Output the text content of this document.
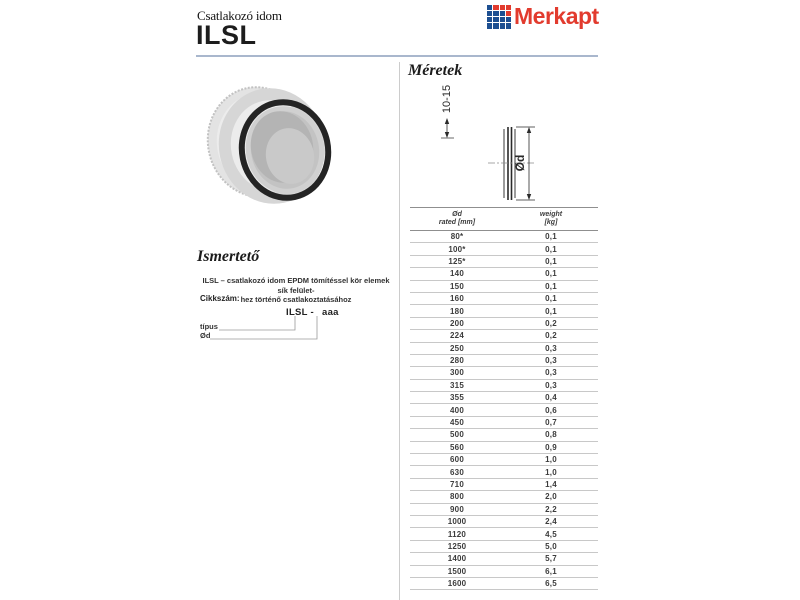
Csatlakozó idom
ILSL
Merkapt
Ismertető
ILSL – csatlakozó idom EPDM tömítéssel kör elemek sík felület-
hez történő csatlakoztatásához
Cikkszám:
ILSL - aaa
típus
Ød
Méretek
10-15
Ød
Ød
rated [mm]

weight
[kg]

80*	0,1
100*	0,1
125*	0,1
140	0,1
150	0,1
160	0,1
180	0,1
200	0,2
224	0,2
250	0,3
280	0,3
300	0,3
315	0,3
355	0,4
400	0,6
450	0,7
500	0,8
560	0,9
600	1,0
630	1,0
710	1,4
800	2,0
900	2,2
1000	2,4
1120	4,5
1250	5,0
1400	5,7
1500	6,1
1600	6,5
